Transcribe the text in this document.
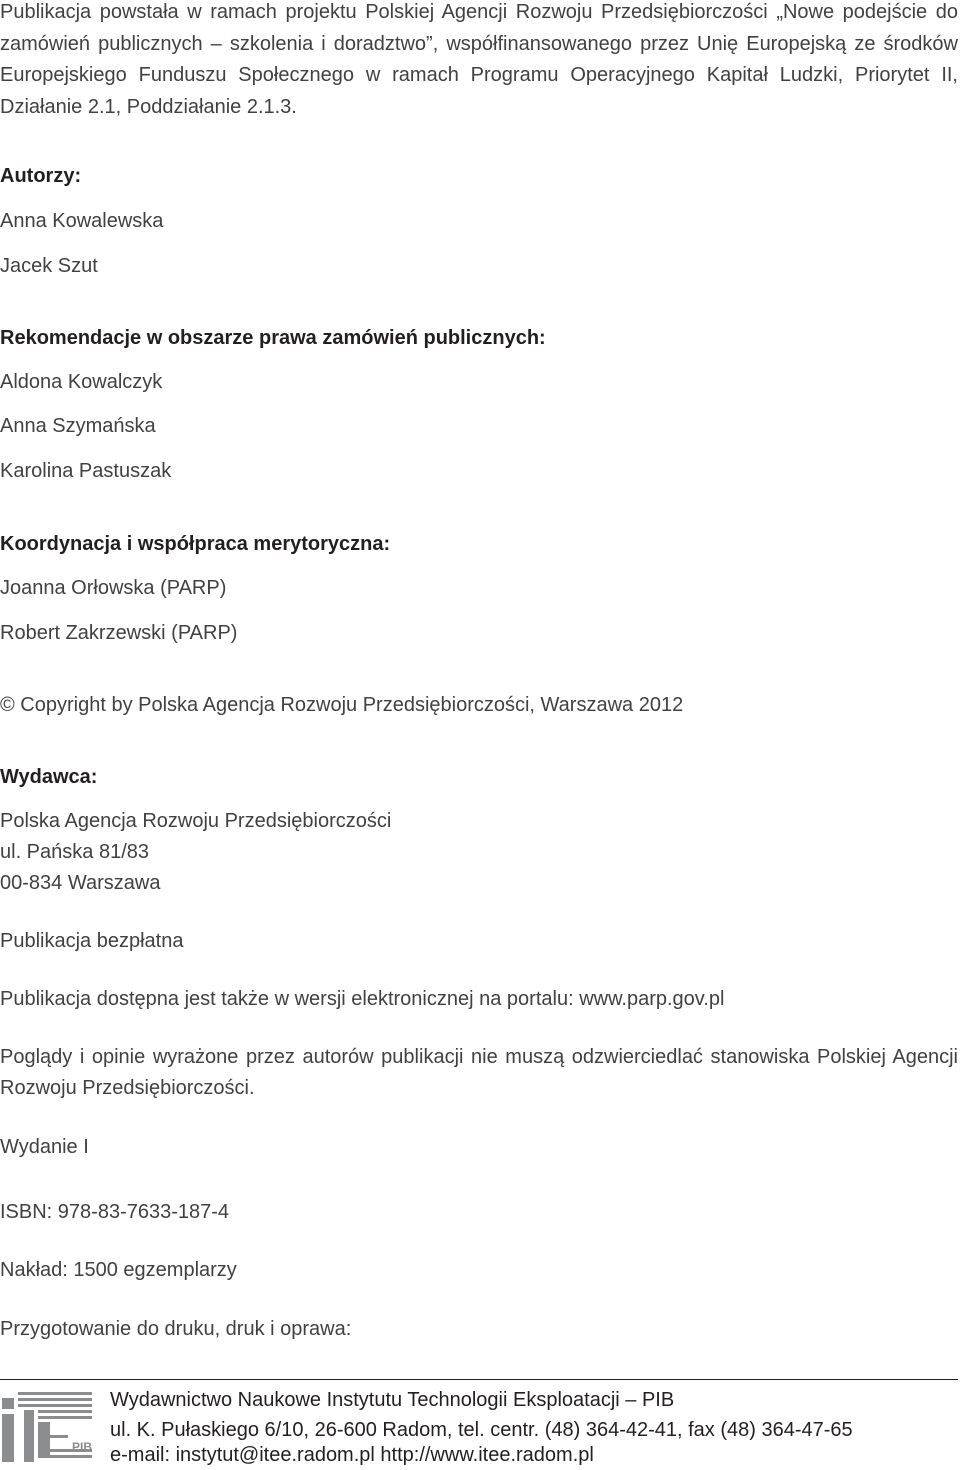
Publikacja powstała w ramach projektu Polskiej Agencji Rozwoju Przedsiębiorczości „Nowe podejście do zamówień publicznych – szkolenia i doradztwo”, współfinansowanego przez Unię Europejską ze środków Europejskiego Funduszu Społecznego w ramach Programu Operacyjnego Kapitał Ludzki, Priorytet II, Działanie 2.1, Poddziałanie 2.1.3.
Autorzy:
Anna Kowalewska
Jacek Szut
Rekomendacje w obszarze prawa zamówień publicznych:
Aldona Kowalczyk
Anna Szymańska
Karolina Pastuszak
Koordynacja i współpraca merytoryczna:
Joanna Orłowska (PARP)
Robert Zakrzewski (PARP)
© Copyright by Polska Agencja Rozwoju Przedsiębiorczości, Warszawa 2012
Wydawca:
Polska Agencja Rozwoju Przedsiębiorczości
ul. Pańska 81/83
00-834 Warszawa
Publikacja bezpłatna
Publikacja dostępna jest także w wersji elektronicznej na portalu: www.parp.gov.pl
Poglądy i opinie wyrażone przez autorów publikacji nie muszą odzwierciedlać stanowiska Polskiej Agencji Rozwoju Przedsiębiorczości.
Wydanie I
ISBN: 978-83-7633-187-4
Nakład: 1500 egzemplarzy
Przygotowanie do druku, druk i oprawa:
PIB
Wydawnictwo Naukowe Instytutu Technologii Eksploatacji – PIB
ul. K. Pułaskiego 6/10, 26-600 Radom, tel. centr. (48) 364-42-41, fax (48) 364-47-65
e-mail: instytut@itee.radom.pl http://www.itee.radom.pl
